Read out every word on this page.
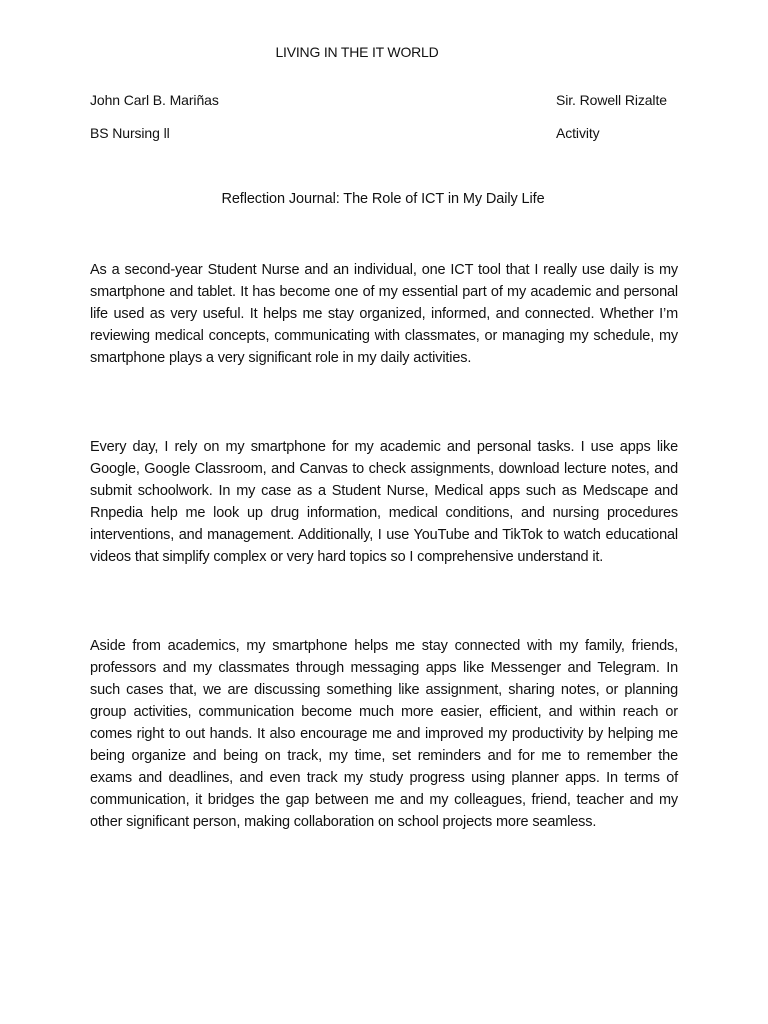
LIVING IN THE IT WORLD
John Carl B. Mariñas	Sir. Rowell Rizalte
BS Nursing ll	Activity
Reflection Journal: The Role of ICT in My Daily Life

As a second-year Student Nurse and an individual, one ICT tool that I really use daily is my smartphone and tablet. It has become one of my essential part of my academic and personal life used as very useful. It helps me stay organized, informed, and connected. Whether I’m reviewing medical concepts, communicating with classmates, or managing my schedule, my smartphone plays a very significant role in my daily activities.

Every day, I rely on my smartphone for my academic and personal tasks. I use apps like Google, Google Classroom, and Canvas to check assignments, download lecture notes, and submit schoolwork. In my case as a Student Nurse, Medical apps such as Medscape and Rnpedia help me look up drug information, medical conditions, and nursing procedures interventions, and management. Additionally, I use YouTube and TikTok to watch educational videos that simplify complex or very hard topics so I comprehensive understand it.

Aside from academics, my smartphone helps me stay connected with my family, friends, professors and my classmates through messaging apps like Messenger and Telegram. In such cases that, we are discussing something like assignment, sharing notes, or planning group activities, communication become much more easier, efficient, and within reach or comes right to out hands. It also encourage me and improved my productivity by helping me being organize and being on track, my time, set reminders and for me to remember the exams and deadlines, and even track my study progress using planner apps. In terms of communication, it bridges the gap between me and my colleagues, friend, teacher and my other significant person, making collaboration on school projects more seamless.
